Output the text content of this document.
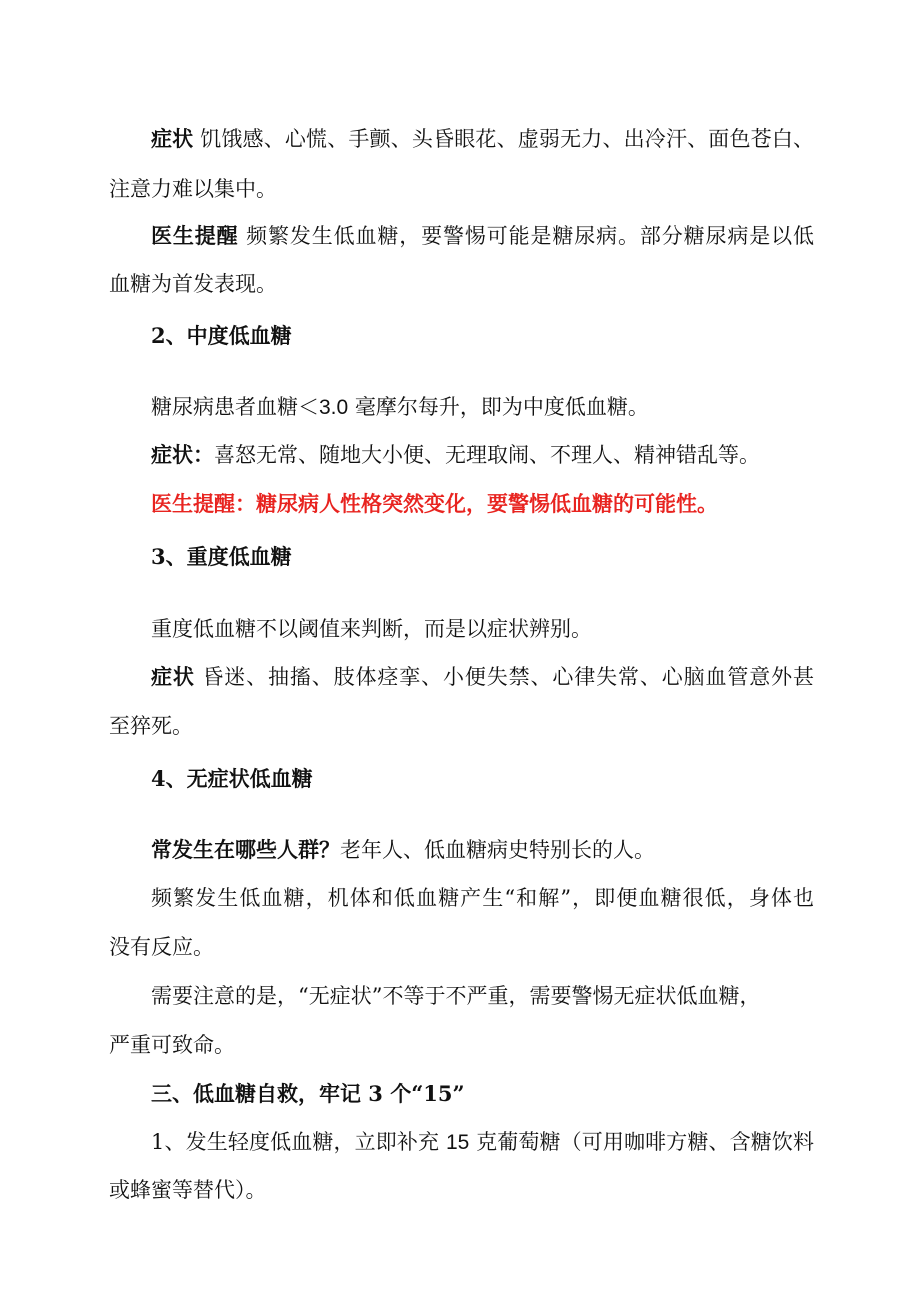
症状 饥饿感、心慌、手颤、头昏眼花、虚弱无力、出冷汗、面色苍白、
注意力难以集中。
医生提醒 频繁发生低血糖，要警惕可能是糖尿病。部分糖尿病是以低
血糖为首发表现。
2、中度低血糖
糖尿病患者血糖＜3.0 毫摩尔每升，即为中度低血糖。
症状：喜怒无常、随地大小便、无理取闹、不理人、精神错乱等。
医生提醒：糖尿病人性格突然变化，要警惕低血糖的可能性。
3、重度低血糖
重度低血糖不以阈值来判断，而是以症状辨别。
症状 昏迷、抽搐、肢体痉挛、小便失禁、心律失常、心脑血管意外甚
至猝死。
4、无症状低血糖
常发生在哪些人群？老年人、低血糖病史特别长的人。
频繁发生低血糖，机体和低血糖产生“和解”，即便血糖很低，身体也
没有反应。
需要注意的是，“无症状”不等于不严重，需要警惕无症状低血糖，
严重可致命。
三、低血糖自救，牢记 3 个“15”
1、发生轻度低血糖，立即补充 15 克葡萄糖（可用咖啡方糖、含糖饮料
或蜂蜜等替代）。
